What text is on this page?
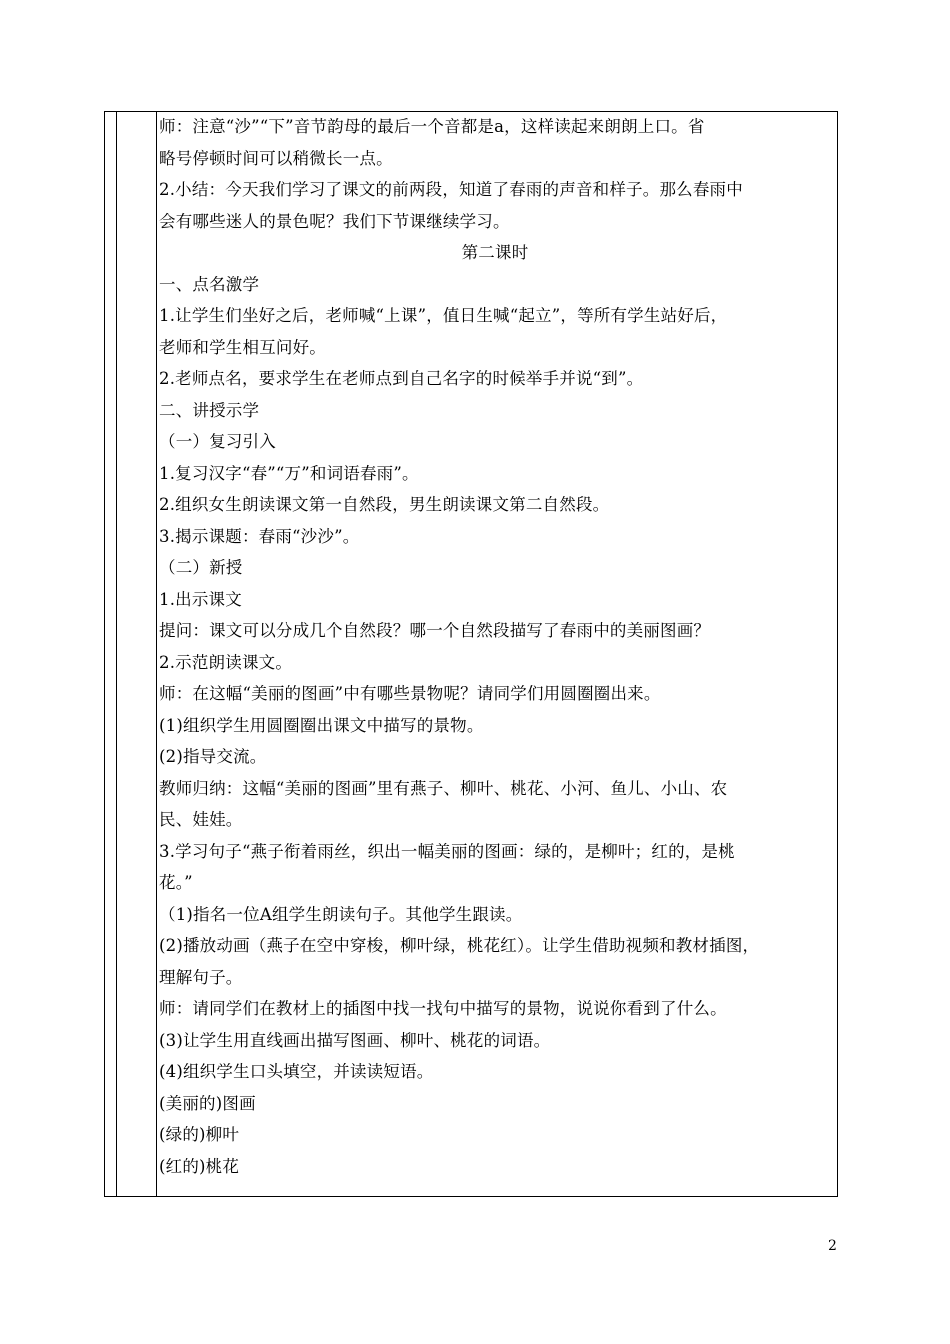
师：注意“沙”“下”音节韵母的最后一个音都是a，这样读起来朗朗上口。省
略号停顿时间可以稍微长一点。
2.小结：今天我们学习了课文的前两段，知道了春雨的声音和样子。那么春雨中
会有哪些迷人的景色呢？我们下节课继续学习。
第二课时
一、点名激学
1.让学生们坐好之后，老师喊“上课”，值日生喊“起立”，等所有学生站好后，
老师和学生相互问好。
2.老师点名，要求学生在老师点到自己名字的时候举手并说“到”。
二、讲授示学
（一）复习引入
1.复习汉字“春”“万”和词语春雨”。
2.组织女生朗读课文第一自然段，男生朗读课文第二自然段。
3.揭示课题：春雨“沙沙”。
（二）新授
1.出示课文
提问：课文可以分成几个自然段？哪一个自然段描写了春雨中的美丽图画？
2.示范朗读课文。
师：在这幅“美丽的图画”中有哪些景物呢？请同学们用圆圈圈出来。
(1)组织学生用圆圈圈出课文中描写的景物。
(2)指导交流。
教师归纳：这幅“美丽的图画”里有燕子、柳叶、桃花、小河、鱼儿、小山、农
民、娃娃。
3.学习句子“燕子衔着雨丝，织出一幅美丽的图画：绿的，是柳叶；红的，是桃
花。”
（1)指名一位A组学生朗读句子。其他学生跟读。
(2)播放动画（燕子在空中穿梭，柳叶绿，桃花红）。让学生借助视频和教材插图，
理解句子。
师：请同学们在教材上的插图中找一找句中描写的景物，说说你看到了什么。
(3)让学生用直线画出描写图画、柳叶、桃花的词语。
(4)组织学生口头填空，并读读短语。
(美丽的)图画
(绿的)柳叶
(红的)桃花
2
